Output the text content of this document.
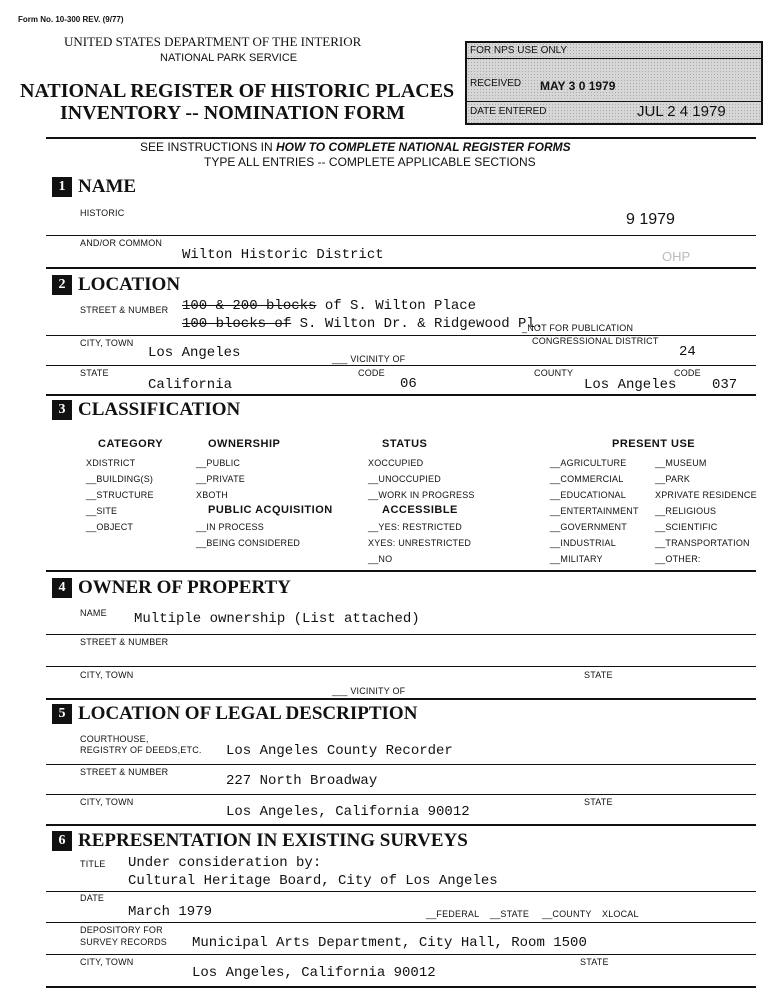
Form No. 10-300 REV. (9/77)
UNITED STATES DEPARTMENT OF THE INTERIOR
NATIONAL PARK SERVICE
NATIONAL REGISTER OF HISTORIC PLACES
INVENTORY -- NOMINATION FORM
FOR NPS USE ONLY
RECEIVED MAY 3 0 1979
DATE ENTERED	JUL 2 4 1979
SEE INSTRUCTIONS IN HOW TO COMPLETE NATIONAL REGISTER FORMS
TYPE ALL ENTRIES -- COMPLETE APPLICABLE SECTIONS
1 NAME
HISTORIC	9 1979
AND/OR COMMON
Wilton Historic District	OHP
2 LOCATION
STREET & NUMBER 100 & 200 blocks of S. Wilton Place
100 blocks of S. Wilton Dr. & Ridgewood Pl.
_NOT FOR PUBLICATION
CITY, TOWN	CONGRESSIONAL DISTRICT
Los Angeles	___ VICINITY OF	24
STATE	CODE	COUNTY	CODE
California	06	Los Angeles	037
3 CLASSIFICATION
CATEGORY
XDISTRICT
__BUILDING(S)
__STRUCTURE
__SITE
__OBJECT
OWNERSHIP
__PUBLIC
__PRIVATE
XBOTH
PUBLIC ACQUISITION
__IN PROCESS
__BEING CONSIDERED
STATUS
XOCCUPIED
__UNOCCUPIED
__WORK IN PROGRESS
ACCESSIBLE
__YES: RESTRICTED
XYES: UNRESTRICTED
__NO
PRESENT USE
__AGRICULTURE
__COMMERCIAL
__EDUCATIONAL
__ENTERTAINMENT
__GOVERNMENT
__INDUSTRIAL
__MILITARY
__MUSEUM
__PARK
XPRIVATE RESIDENCE
__RELIGIOUS
__SCIENTIFIC
__TRANSPORTATION
__OTHER:
4 OWNER OF PROPERTY
NAME Multiple ownership (List attached)
STREET & NUMBER
CITY, TOWN	STATE
___ VICINITY OF
5 LOCATION OF LEGAL DESCRIPTION
COURTHOUSE,
REGISTRY OF DEEDS,ETC. Los Angeles County Recorder
STREET & NUMBER
227 North Broadway
CITY, TOWN	STATE
Los Angeles, California 90012
6 REPRESENTATION IN EXISTING SURVEYS
TITLE Under consideration by:
Cultural Heritage Board, City of Los Angeles
DATE
March 1979	__FEDERAL __STATE __COUNTY XLOCAL
DEPOSITORY FOR
SURVEY RECORDS Municipal Arts Department, City Hall, Room 1500
CITY, TOWN	STATE
Los Angeles, California 90012
